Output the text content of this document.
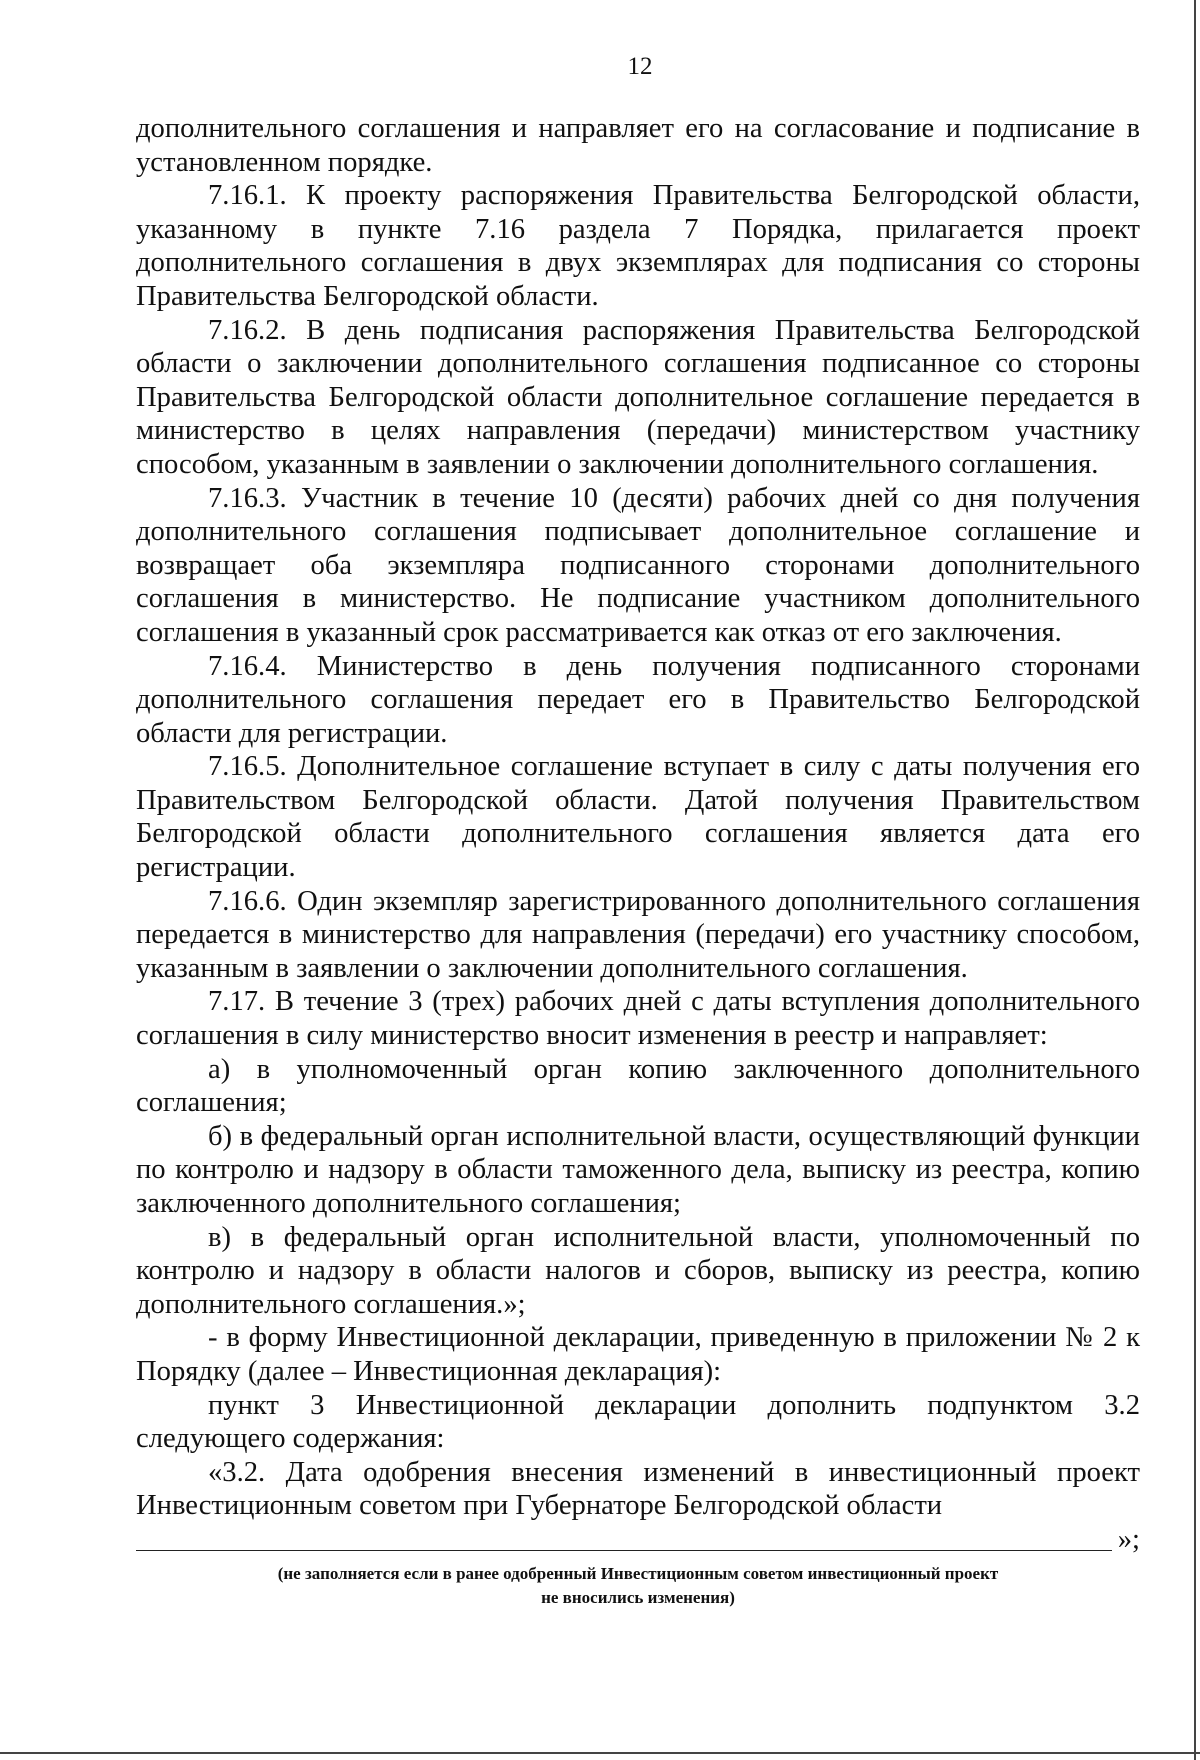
12

дополнительного соглашения и направляет его на согласование и подписание в установленном порядке.

7.16.1. К проекту распоряжения Правительства Белгородской области, указанному в пункте 7.16 раздела 7 Порядка, прилагается проект дополнительного соглашения в двух экземплярах для подписания со стороны Правительства Белгородской области.

7.16.2. В день подписания распоряжения Правительства Белгородской области о заключении дополнительного соглашения подписанное со стороны Правительства Белгородской области дополнительное соглашение передается в министерство в целях направления (передачи) министерством участнику способом, указанным в заявлении о заключении дополнительного соглашения.

7.16.3. Участник в течение 10 (десяти) рабочих дней со дня получения дополнительного соглашения подписывает дополнительное соглашение и возвращает оба экземпляра подписанного сторонами дополнительного соглашения в министерство. Не подписание участником дополнительного соглашения в указанный срок рассматривается как отказ от его заключения.

7.16.4. Министерство в день получения подписанного сторонами дополнительного соглашения передает его в Правительство Белгородской области для регистрации.

7.16.5. Дополнительное соглашение вступает в силу с даты получения его Правительством Белгородской области. Датой получения Правительством Белгородской области дополнительного соглашения является дата его регистрации.

7.16.6. Один экземпляр зарегистрированного дополнительного соглашения передается в министерство для направления (передачи) его участнику способом, указанным в заявлении о заключении дополнительного соглашения.

7.17. В течение 3 (трех) рабочих дней с даты вступления дополнительного соглашения в силу министерство вносит изменения в реестр и направляет:

а) в уполномоченный орган копию заключенного дополнительного соглашения;

б) в федеральный орган исполнительной власти, осуществляющий функции по контролю и надзору в области таможенного дела, выписку из реестра, копию заключенного дополнительного соглашения;

в) в федеральный орган исполнительной власти, уполномоченный по контролю и надзору в области налогов и сборов, выписку из реестра, копию дополнительного соглашения.»;

- в форму Инвестиционной декларации, приведенную в приложении № 2 к Порядку (далее – Инвестиционная декларация):

пункт 3 Инвестиционной декларации дополнить подпунктом 3.2 следующего содержания:

«3.2. Дата одобрения внесения изменений в инвестиционный проект Инвестиционным советом при Губернаторе Белгородской области

»;
(не заполняется если в ранее одобренный Инвестиционным советом инвестиционный проект
не вносились изменения)
